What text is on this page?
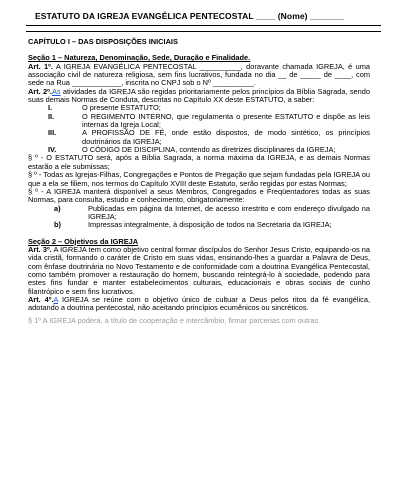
ESTATUTO DA IGREJA EVANGÉLICA PENTECOSTAL ____ (Nome) _______

CAPÍTULO I – DAS DISPOSIÇÕES INICIAIS

Seção 1 – Natureza, Denominação, Sede, Duração e Finalidade.

Art. 1º. A IGREJA EVANGÉLICA PENTECOSTAL __________, doravante chamada IGREJA, é uma associação civil de natureza religiosa, sem fins lucrativos, fundada no dia __ de _____ de ____, com sede na Rua ____________, inscrita no CNPJ sob o Nº __________.

Art. 2º.As atividades da IGREJA são regidas prioritariamente pelos princípios da Bíblia Sagrada, sendo suas demais Normas de Conduta, descritas no Capítulo XX deste ESTATUTO, a saber:

I.	O presente ESTATUTO;
II.	O REGIMENTO INTERNO, que regulamenta o presente ESTATUTO e dispõe as leis internas da Igreja Local;
III.	A PROFISSÃO DE FÉ, onde estão dispostos, de modo sintético, os princípios doutrinários da IGREJA;
IV.	O CÓDIGO DE DISCIPLINA, contendo as diretrizes disciplinares da IGREJA;

§ º - O ESTATUTO será, após a Bíblia Sagrada, a norma máxima da IGREJA, e as demais Normas estarão a ele submissas;

§ º - Todas as Igrejas-Filhas, Congregações e Pontos de Pregação que sejam fundadas pela IGREJA ou que a ela se filiem, nos termos do Capítulo XVIII deste Estatuto, serão regidas por estas Normas;

§ º - A IGREJA manterá disponível a seus Membros, Congregados e Freqüentadores todas as suas Normas, para consulta, estudo e conhecimento, obrigatoriamente:

a)	Publicadas em página da Internet, de acesso irrestrito e com endereço divulgado na IGREJA;
b)	Impressas integralmente, à disposição de todos na Secretaria da IGREJA;

Seção 2 – Objetivos da IGREJA

Art. 3º. A IGREJA tem como objetivo central formar discípulos do Senhor Jesus Cristo, equipando-os na vida cristã, formando o caráter de Cristo em suas vidas, ensinando-lhes a guardar a Palavra de Deus, com ênfase doutrinária no Novo Testamento e de conformidade com a doutrina Evangélica Pentecostal, como também promover a restauração do homem, buscando reintegrá-lo à sociedade, podendo para estes fins fundar e manter estabelecimentos culturais, educacionais e obras sociais de cunho filantrópico e sem fins lucrativos.

Art. 4º.A IGREJA se reúne com o objetivo único de cultuar a Deus pelos ritos da fé evangélica, adotando a doutrina pentecostal, não aceitando princípios ecumênicos ou sincréticos.

§ 1º A IGREJA poderá, a título de cooperação e intercâmbio, firmar parcerias com outras
